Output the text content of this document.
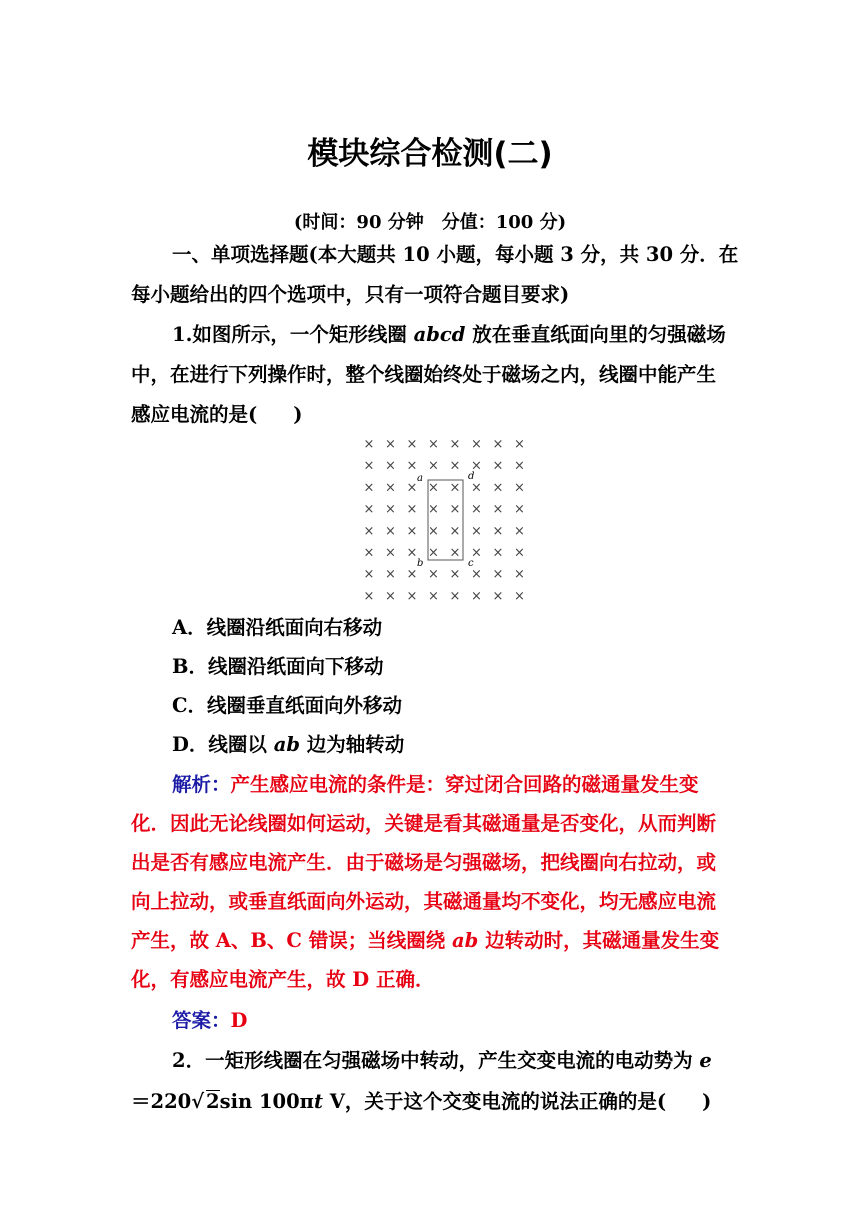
模块综合检测(二)
(时间：90 分钟　分值：100 分)
一、单项选择题(本大题共 10 小题，每小题 3 分，共 30 分．在
每小题给出的四个选项中，只有一项符合题目要求)
1.如图所示，一个矩形线圈 abcd 放在垂直纸面向里的匀强磁场
中，在进行下列操作时，整个线圈始终处于磁场之内，线圈中能产生
感应电流的是( )
× × × × × × × ×
× × × × × × × ×
× × × × × × × ×
× × × × × × × ×
× × × × × × × ×
× × × × × × × ×
× × × × × × × ×
× × × × × × × ×
a
b	c
d
A．线圈沿纸面向右移动
B．线圈沿纸面向下移动
C．线圈垂直纸面向外移动
D．线圈以 ab 边为轴转动
解析：产生感应电流的条件是：穿过闭合回路的磁通量发生变
化．因此无论线圈如何运动，关键是看其磁通量是否变化，从而判断
出是否有感应电流产生．由于磁场是匀强磁场，把线圈向右拉动，或
向上拉动，或垂直纸面向外运动，其磁通量均不变化，均无感应电流
产生，故 A、B、C 错误；当线圈绕 ab 边转动时，其磁通量发生变
化，有感应电流产生，故 D 正确．
答案：D
2．一矩形线圈在匀强磁场中转动，产生交变电流的电动势为 e
＝220√ 2sin 100πt V，关于这个交变电流的说法正确的是( )
